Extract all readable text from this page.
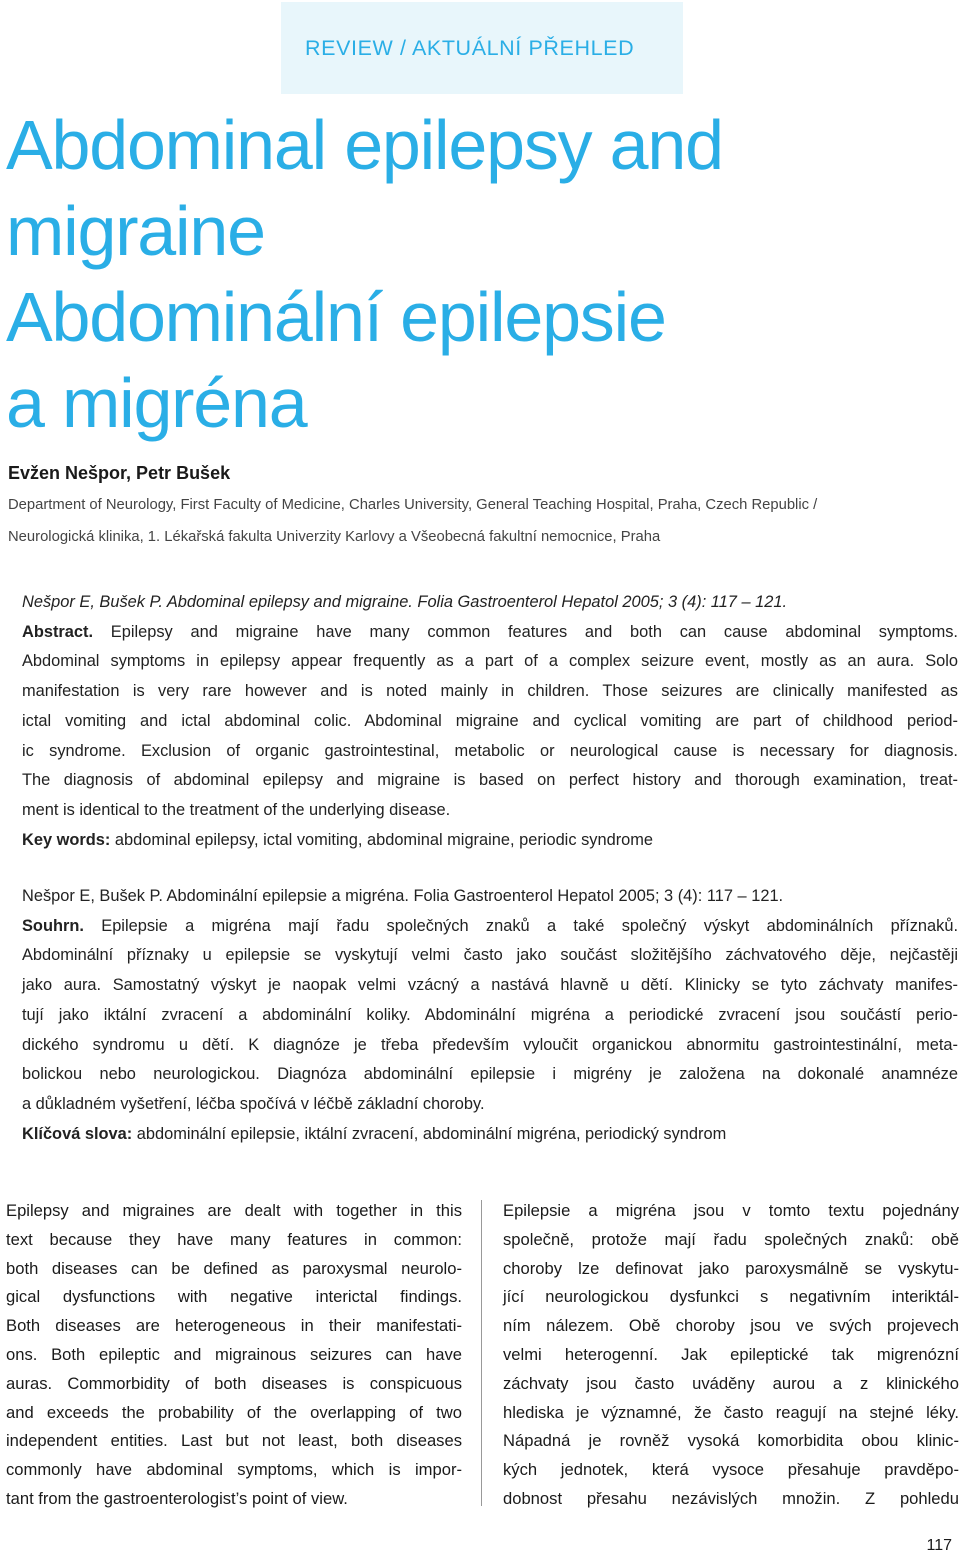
REVIEW / AKTUÁLNÍ PŘEHLED
Abdominal epilepsy and
migraine
Abdominální epilepsie
a migréna

Evžen Nešpor, Petr Bušek

Department of Neurology, First Faculty of Medicine, Charles University, General Teaching Hospital, Praha, Czech Republic /
Neurologická klinika, 1. Lékařská fakulta Univerzity Karlovy a Všeobecná fakultní nemocnice, Praha

Nešpor E, Bušek P. Abdominal epilepsy and migraine. Folia Gastroenterol Hepatol 2005; 3 (4): 117 – 121.
Abstract. Epilepsy and migraine have many common features and both can cause abdominal symptoms.
Abdominal symptoms in epilepsy appear frequently as a part of a complex seizure event, mostly as an aura. Solo
manifestation is very rare however and is noted mainly in children. Those seizures are clinically manifested as
ictal vomiting and ictal abdominal colic. Abdominal migraine and cyclical vomiting are part of childhood period-
ic syndrome. Exclusion of organic gastrointestinal, metabolic or neurological cause is necessary for diagnosis.
The diagnosis of abdominal epilepsy and migraine is based on perfect history and thorough examination, treat-
ment is identical to the treatment of the underlying disease.
Key words: abdominal epilepsy, ictal vomiting, abdominal migraine, periodic syndrome
Nešpor E, Bušek P. Abdominální epilepsie a migréna. Folia Gastroenterol Hepatol 2005; 3 (4): 117 – 121.
Souhrn. Epilepsie a migréna mají řadu společných znaků a také společný výskyt abdominálních příznaků.
Abdominální příznaky u epilepsie se vyskytují velmi často jako součást složitějšího záchvatového děje, nejčastěji
jako aura. Samostatný výskyt je naopak velmi vzácný a nastává hlavně u dětí. Klinicky se tyto záchvaty manifes-
tují jako iktální zvracení a abdominální koliky. Abdominální migréna a periodické zvracení jsou součástí perio-
dického syndromu u dětí. K diagnóze je třeba především vyloučit organickou abnormitu gastrointestinální, meta-
bolickou nebo neurologickou. Diagnóza abdominální epilepsie i migrény je založena na dokonalé anamnéze
a důkladném vyšetření, léčba spočívá v léčbě základní choroby.
Klíčová slova: abdominální epilepsie, iktální zvracení, abdominální migréna, periodický syndrom
Epilepsy and migraines are dealt with together in this
text because they have many features in common:
both diseases can be defined as paroxysmal neurolo-
gical dysfunctions with negative interictal findings.
Both diseases are heterogeneous in their manifestati-
ons. Both epileptic and migrainous seizures can have
auras. Commorbidity of both diseases is conspicuous
and exceeds the probability of the overlapping of two
independent entities. Last but not least, both diseases
commonly have abdominal symptoms, which is impor-
tant from the gastroenterologist’s point of view.
Epilepsie a migréna jsou v tomto textu pojednány
společně, protože mají řadu společných znaků: obě
choroby lze definovat jako paroxysmálně se vyskytu-
jící neurologickou dysfunkci s negativním interiktál-
ním nálezem. Obě choroby jsou ve svých projevech
velmi heterogenní. Jak epileptické tak migrenózní
záchvaty jsou často uváděny aurou a z klinického
hlediska je významné, že často reagují na stejné léky.
Nápadná je rovněž vysoká komorbidita obou klinic-
kých jednotek, která vysoce přesahuje pravděpo-
dobnost přesahu nezávislých množin. Z pohledu
117
